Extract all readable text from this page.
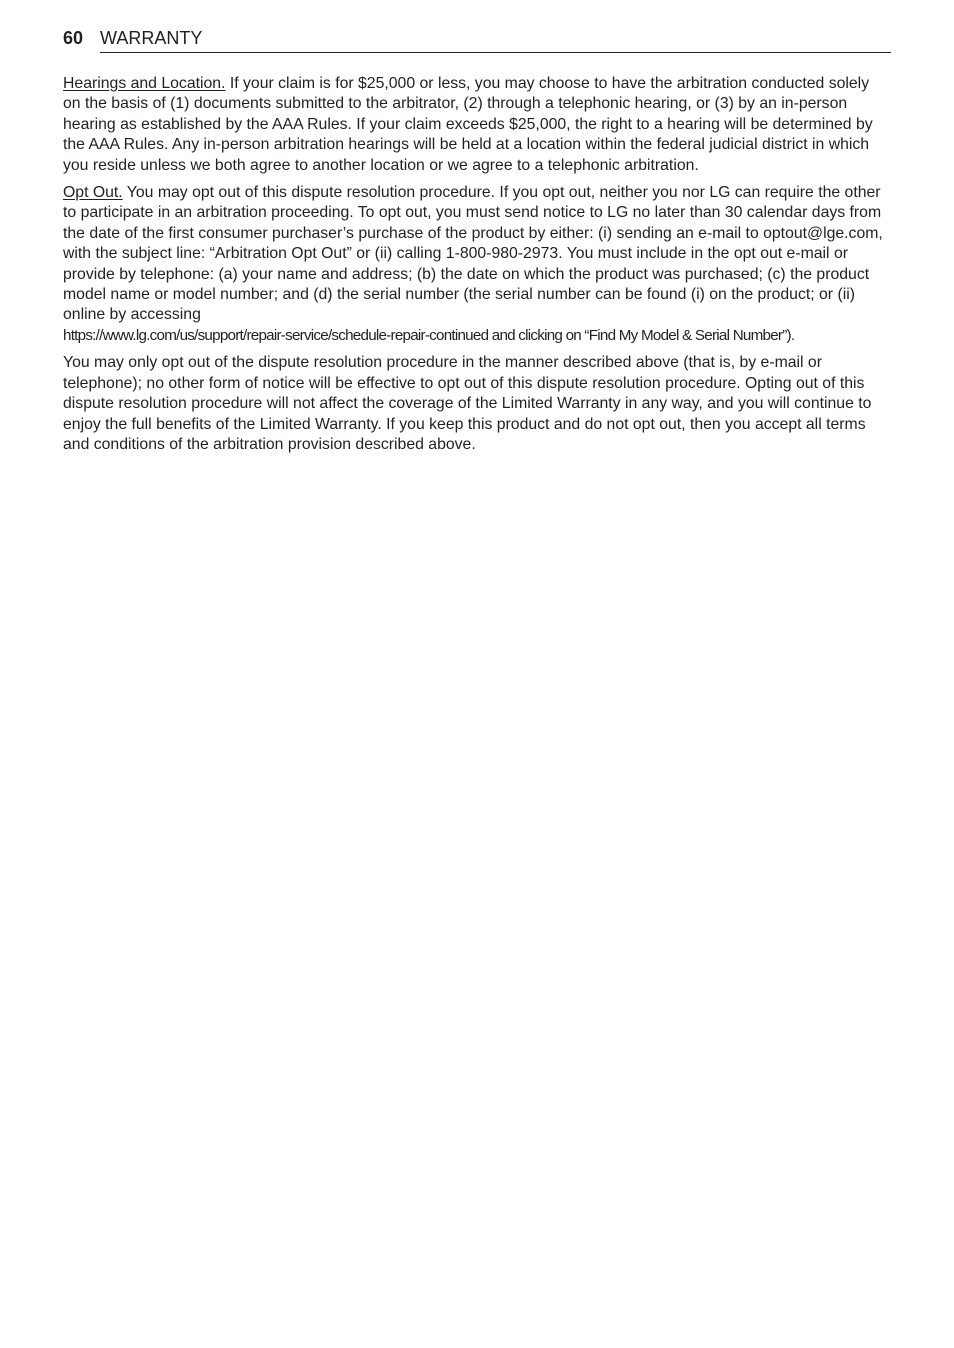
60 WARRANTY

Hearings and Location. If your claim is for $25,000 or less, you may choose to have the arbitration conducted solely on the basis of (1) documents submitted to the arbitrator, (2) through a telephonic hearing, or (3) by an in-person hearing as established by the AAA Rules. If your claim exceeds $25,000, the right to a hearing will be determined by the AAA Rules. Any in-person arbitration hearings will be held at a location within the federal judicial district in which you reside unless we both agree to another location or we agree to a telephonic arbitration.

Opt Out. You may opt out of this dispute resolution procedure. If you opt out, neither you nor LG can require the other to participate in an arbitration proceeding. To opt out, you must send notice to LG no later than 30 calendar days from the date of the first consumer purchaser’s purchase of the product by either: (i) sending an e-mail to optout@lge.com, with the subject line: “Arbitration Opt Out” or (ii) calling 1-800-980-2973. You must include in the opt out e-mail or provide by telephone: (a) your name and address; (b) the date on which the product was purchased; (c) the product model name or model number; and (d) the serial number (the serial number can be found (i) on the product; or (ii) online by accessing
https://www.lg.com/us/support/repair-service/schedule-repair-continued and clicking on “Find My Model & Serial Number”).

You may only opt out of the dispute resolution procedure in the manner described above (that is, by e-mail or telephone); no other form of notice will be effective to opt out of this dispute resolution procedure. Opting out of this dispute resolution procedure will not affect the coverage of the Limited Warranty in any way, and you will continue to enjoy the full benefits of the Limited Warranty. If you keep this product and do not opt out, then you accept all terms and conditions of the arbitration provision described above.
